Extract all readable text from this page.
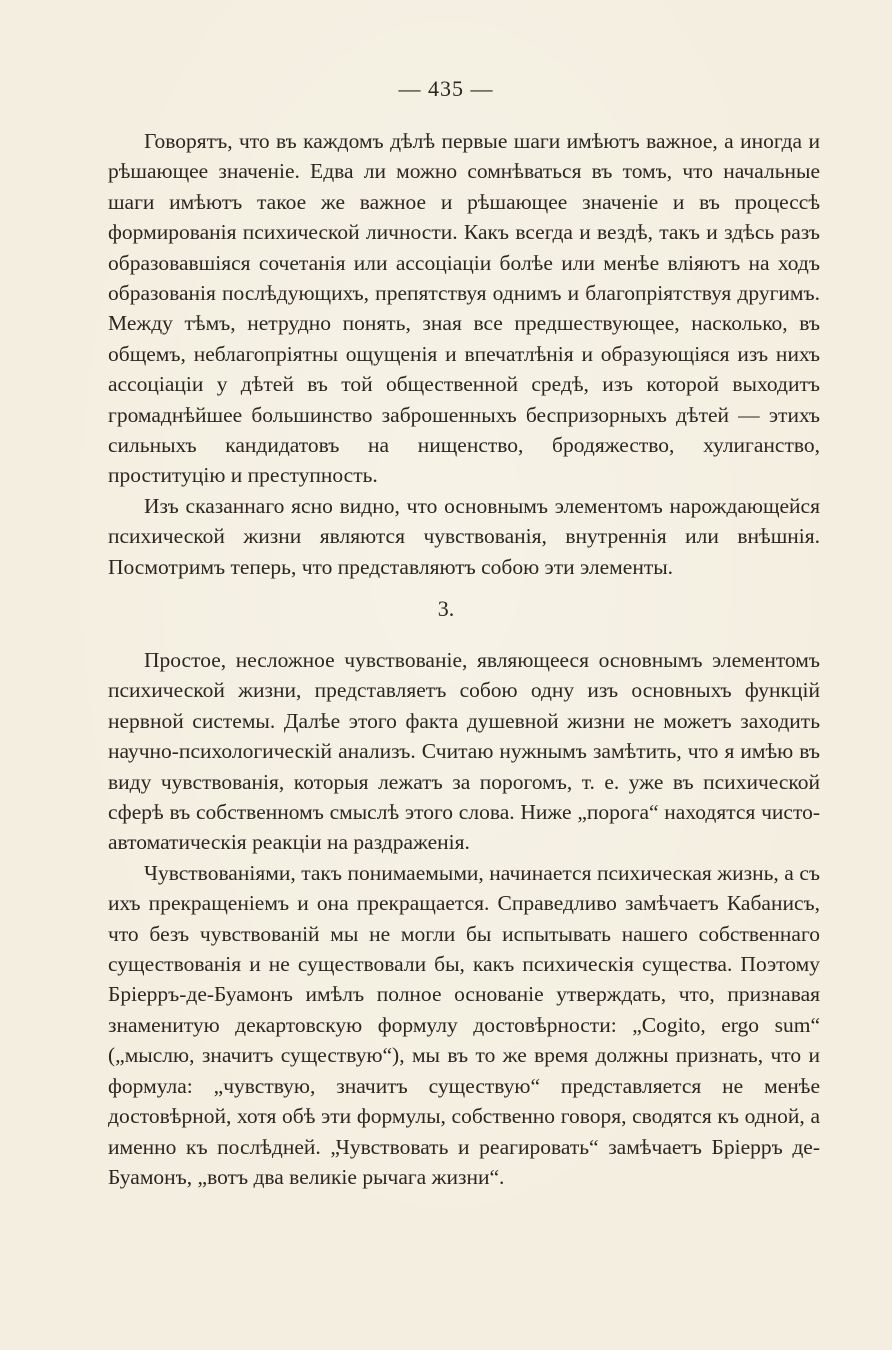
— 435 —

Говорятъ, что въ каждомъ дѣлѣ первые шаги имѣютъ важное, а иногда и рѣшающее значеніе. Едва ли можно сомнѣваться въ томъ, что начальные шаги имѣютъ такое же важное и рѣшающее значеніе и въ процессѣ формированія психической личности. Какъ всегда и вездѣ, такъ и здѣсь разъ образовавшіяся сочетанія или ассоціаціи болѣе или менѣе вліяютъ на ходъ образованія послѣдующихъ, препятствуя однимъ и благопріятствуя другимъ. Между тѣмъ, нетрудно понять, зная все предшествующее, насколько, въ общемъ, неблагопріятны ощущенія и впечатлѣнія и образующіяся изъ нихъ ассоціаціи у дѣтей въ той общественной средѣ, изъ которой выходитъ громаднѣйшее большинство заброшенныхъ беспризорныхъ дѣтей — этихъ сильныхъ кандидатовъ на нищенство, бродяжество, хулиганство, проституцію и преступность.

Изъ сказаннаго ясно видно, что основнымъ элементомъ нарождающейся психической жизни являются чувствованія, внутреннія или внѣшнія. Посмотримъ теперь, что представляютъ собою эти элементы.

3.

Простое, несложное чувствованіе, являющееся основнымъ элементомъ психической жизни, представляетъ собою одну изъ основныхъ функцій нервной системы. Далѣе этого факта душевной жизни не можетъ заходить научно-психологическій анализъ. Считаю нужнымъ замѣтить, что я имѣю въ виду чувствованія, которыя лежатъ за порогомъ, т. е. уже въ психической сферѣ въ собственномъ смыслѣ этого слова. Ниже „порога“ находятся чисто-автоматическія реакціи на раздраженія.

Чувствованіями, такъ понимаемыми, начинается психическая жизнь, а съ ихъ прекращеніемъ и она прекращается. Справедливо замѣчаетъ Кабанисъ, что безъ чувствованій мы не могли бы испытывать нашего собственнаго существованія и не существовали бы, какъ психическія существа. Поэтому Бріерръ-де-Буамонъ имѣлъ полное основаніе утверждать, что, признавая знаменитую декартовскую формулу достовѣрности: „Cogito, ergo sum“ („мыслю, значитъ существую“), мы въ то же время должны признать, что и формула: „чувствую, значитъ существую“ представляется не менѣе достовѣрной, хотя обѣ эти формулы, собственно говоря, сводятся къ одной, а именно къ послѣдней. „Чувствовать и реагировать“ замѣчаетъ Бріерръ де-Буамонъ, „вотъ два великіе рычага жизни“.
